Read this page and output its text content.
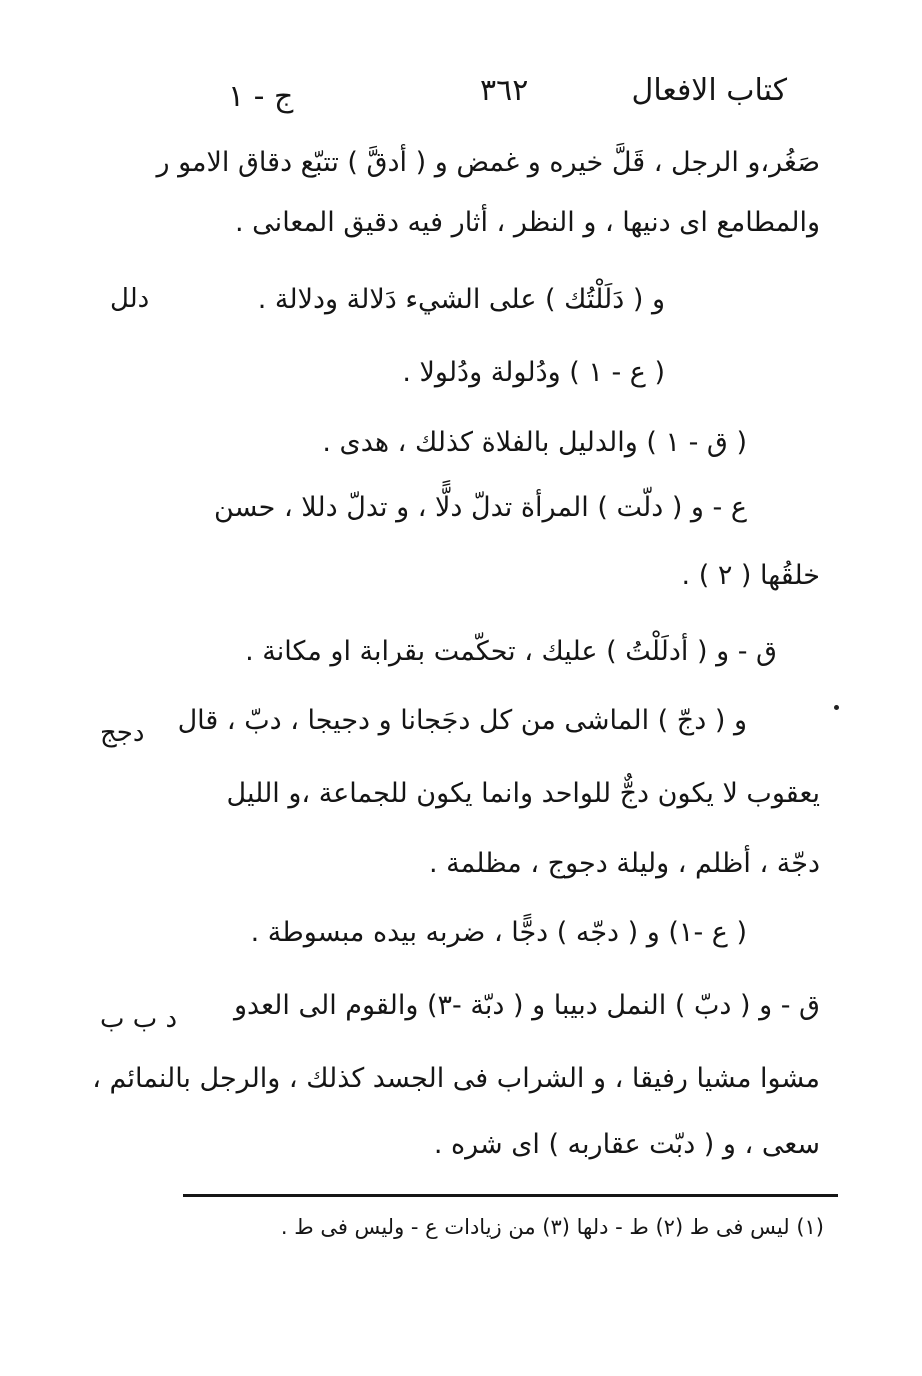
كتاب الافعال
٣٦٢
ج - ١
صَغُر،و الرجل ، قَلَّ خيره و غمض و ( أدقَّ ) تتبّع دقاق الامو ر
والمطامع اى دنيها ، و النظر ، أثار فيه دقيق المعانى .
و ( دَلَلْتُك ) على الشيء دَلالة ودلالة .
( ع - ١ ) ودُلولة ودُلولا .
( ق - ١ ) والدليل بالفلاة كذلك ، هدى .
ع - و ( دلّت ) المرأة تدلّ دلًّا ، و تدلّ دللا ، حسن
خلقُها ( ٢ ) .
ق - و ( أدلَلْتُ ) عليك ، تحكّمت بقرابة او مكانة .
و ( دجّ ) الماشى من كل دجَجانا و دجيجا ، دبّ ، قال
يعقوب لا يكون دجٌّ للواحد وانما يكون للجماعة ،و الليل
دجّة ، أظلم ، وليلة دجوج ، مظلمة .
( ع -١) و ( دجّه ) دجًّا ، ضربه بيده مبسوطة .
ق - و ( دبّ ) النمل دبيبا و ( دبّة -٣) والقوم الى العدو
مشوا مشيا رفيقا ، و الشراب فى الجسد كذلك ، والرجل بالنمائم ،
سعى ، و ( دبّت عقاربه ) اى شره .
دلل
دجج
د ب ب
(١) ليس فى ط (٢) ط - دلها (٣) من زيادات ع - وليس فى ط .
